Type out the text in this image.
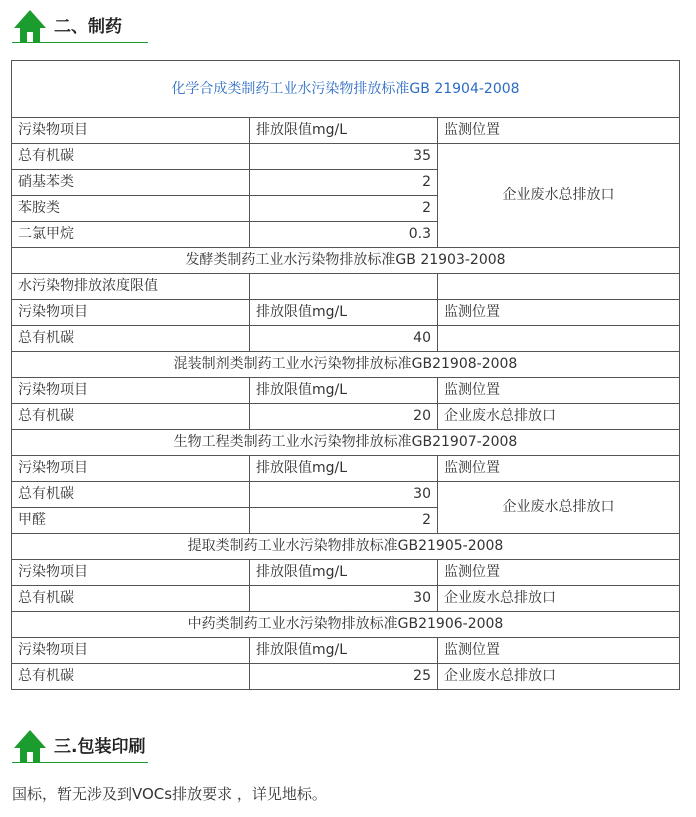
二、制药
化学合成类制药工业水污染物排放标准GB 21904-2008		
污染物项目	排放限值mg/L	监测位置
总有机碳	35	企业废水总排放口
硝基苯类	2	
苯胺类	2	
二氯甲烷	0.3	
发酵类制药工业水污染物排放标准GB 21903-2008		
水污染物排放浓度限值		
污染物项目	排放限值mg/L	监测位置
总有机碳	40	
混装制剂类制药工业水污染物排放标准GB21908-2008		
污染物项目	排放限值mg/L	监测位置
总有机碳	20	企业废水总排放口
生物工程类制药工业水污染物排放标准GB21907-2008		
污染物项目	排放限值mg/L	监测位置
总有机碳	30	企业废水总排放口
甲醛	2	
提取类制药工业水污染物排放标准GB21905-2008		
污染物项目	排放限值mg/L	监测位置
总有机碳	30	企业废水总排放口
中药类制药工业水污染物排放标准GB21906-2008		
污染物项目	排放限值mg/L	监测位置
总有机碳	25	企业废水总排放口
三.包装印刷
国标，暂无涉及到VOCs排放要求 ，详见地标。
